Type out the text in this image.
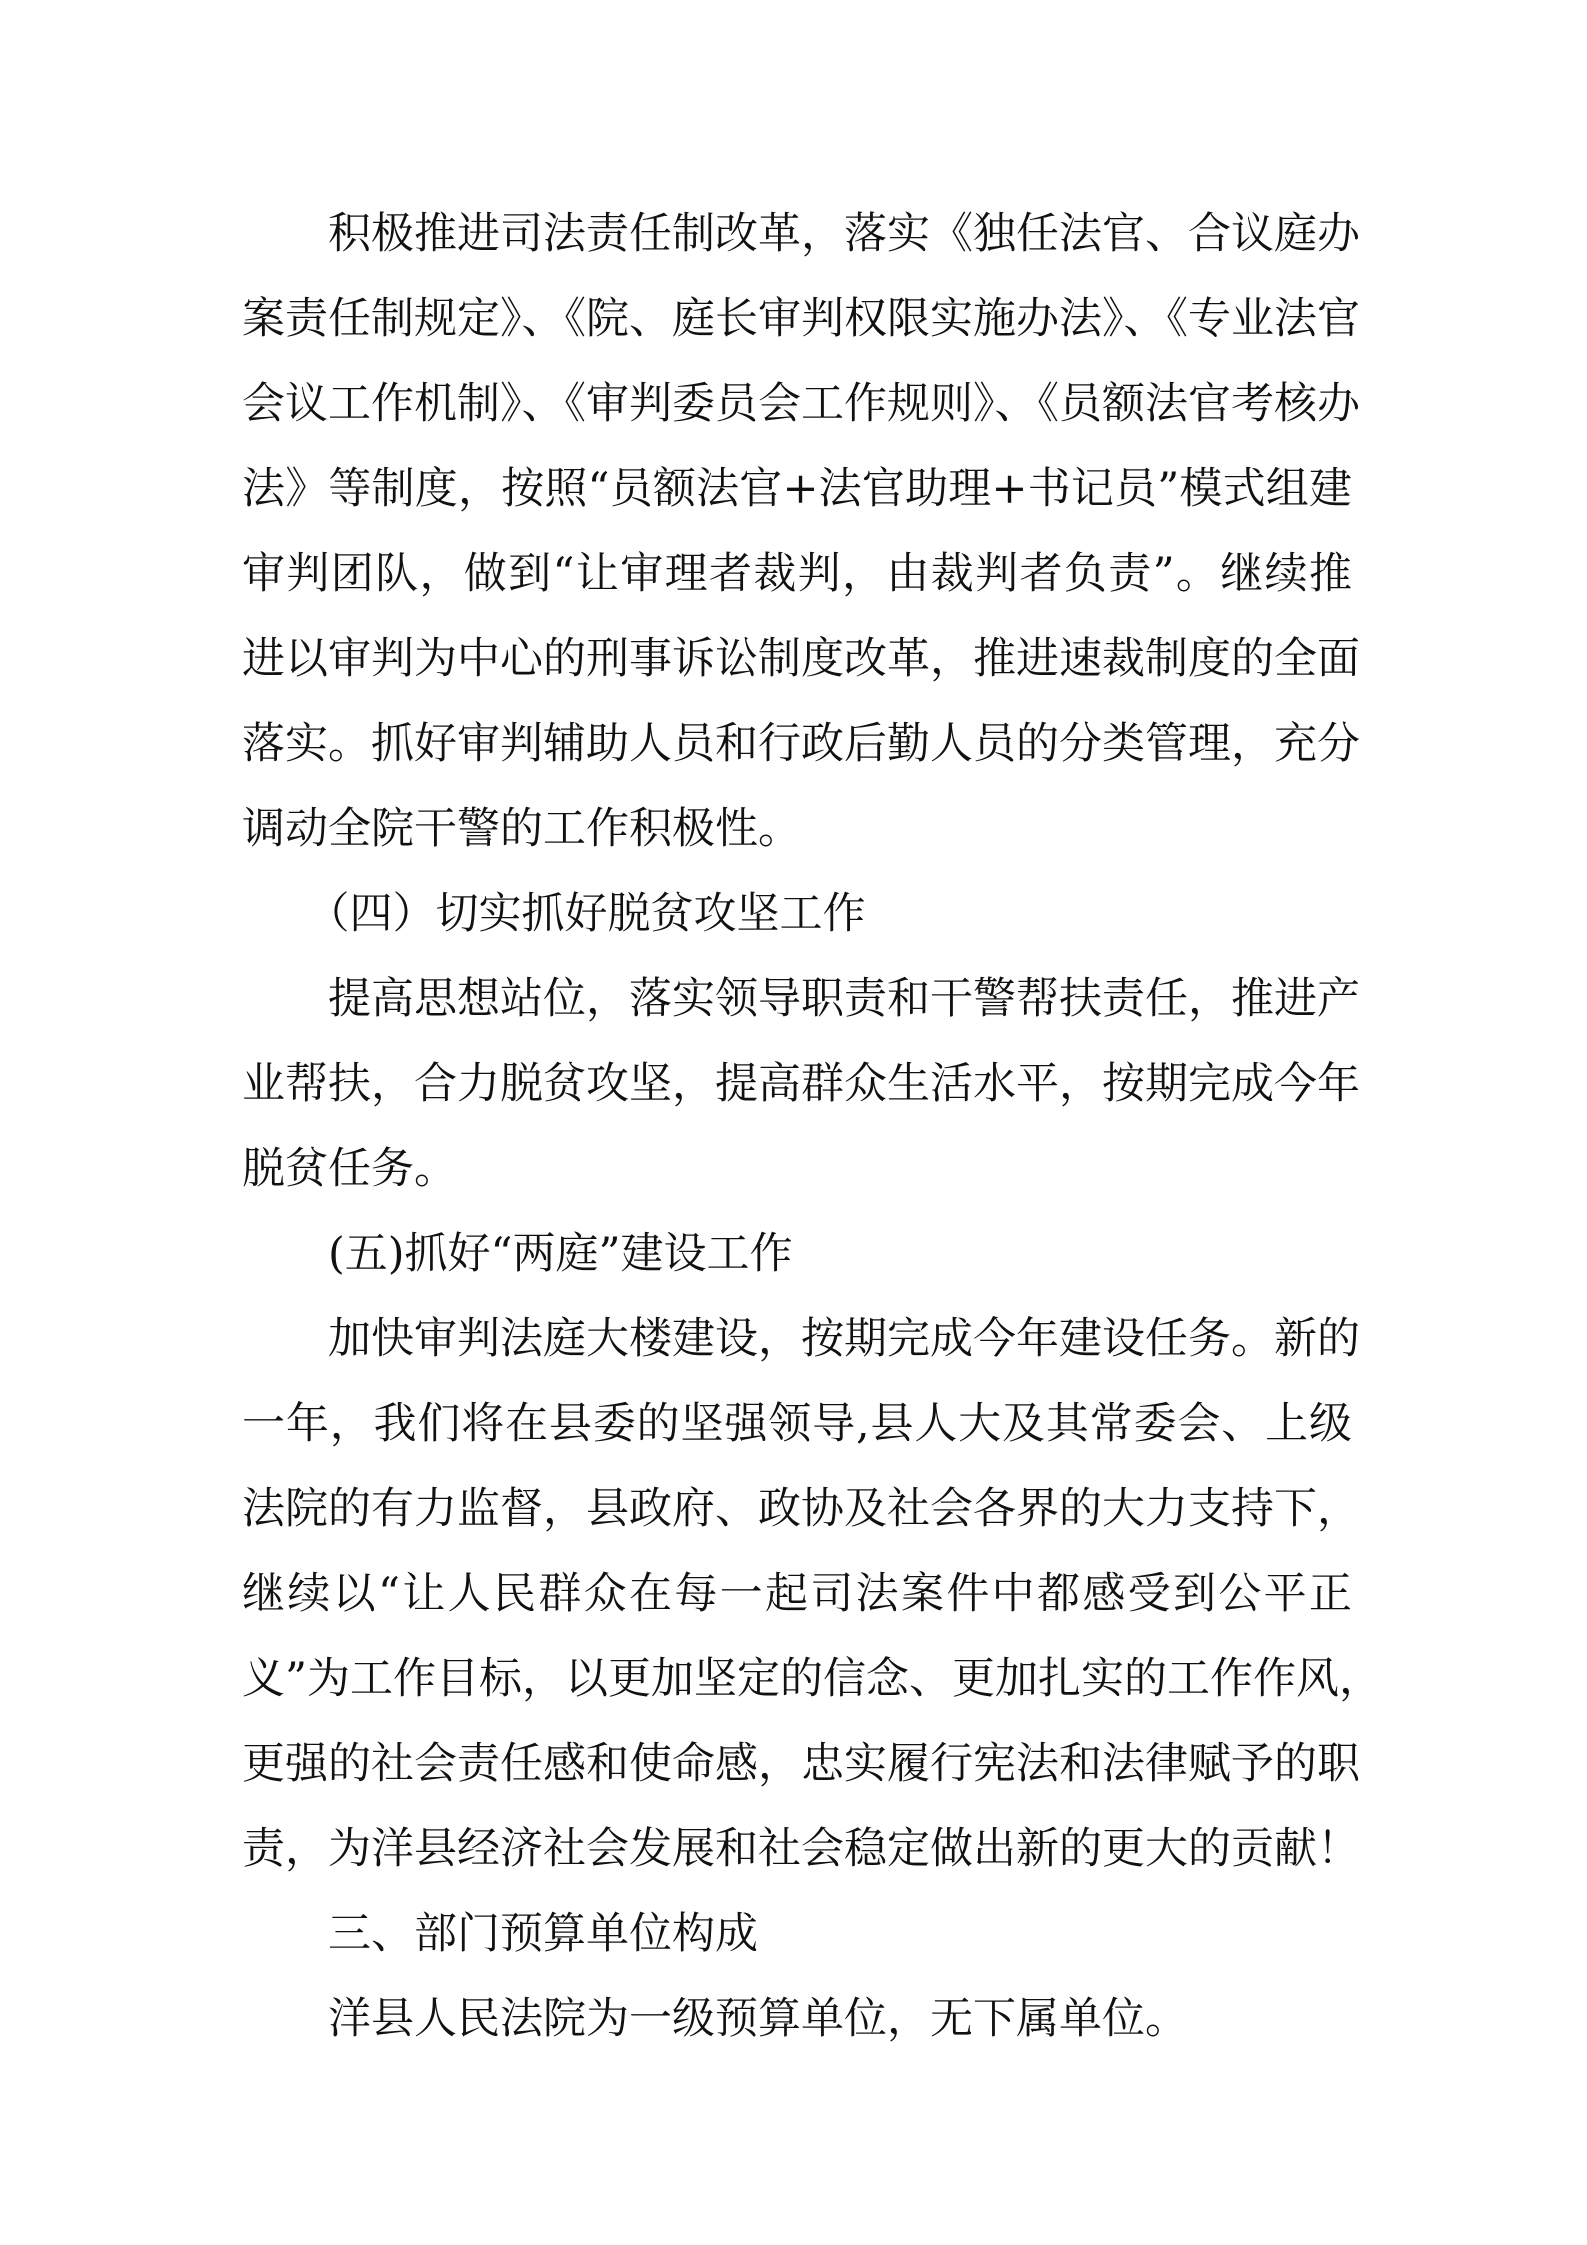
　　积极推进司法责任制改革，落实《独任法官、合议庭办

案责任制规定》、《院、庭长审判权限实施办法》、《专业法官

会议工作机制》、《审判委员会工作规则》、《员额法官考核办

法》等制度，按照“员额法官+法官助理+书记员”模式组建

审判团队，做到“让审理者裁判，由裁判者负责”。继续推

进以审判为中心的刑事诉讼制度改革，推进速裁制度的全面

落实。抓好审判辅助人员和行政后勤人员的分类管理，充分

调动全院干警的工作积极性。

　　（四）切实抓好脱贫攻坚工作

　　提高思想站位，落实领导职责和干警帮扶责任，推进产

业帮扶，合力脱贫攻坚，提高群众生活水平，按期完成今年

脱贫任务。

　　(五)抓好“两庭”建设工作

　　加快审判法庭大楼建设，按期完成今年建设任务。新的

一年，我们将在县委的坚强领导,县人大及其常委会、上级

法院的有力监督，县政府、政协及社会各界的大力支持下，

继续以“让人民群众在每一起司法案件中都感受到公平正

义”为工作目标，以更加坚定的信念、更加扎实的工作作风，

更强的社会责任感和使命感，忠实履行宪法和法律赋予的职

责，为洋县经济社会发展和社会稳定做出新的更大的贡献！

　　三、部门预算单位构成

　　洋县人民法院为一级预算单位，无下属单位。
